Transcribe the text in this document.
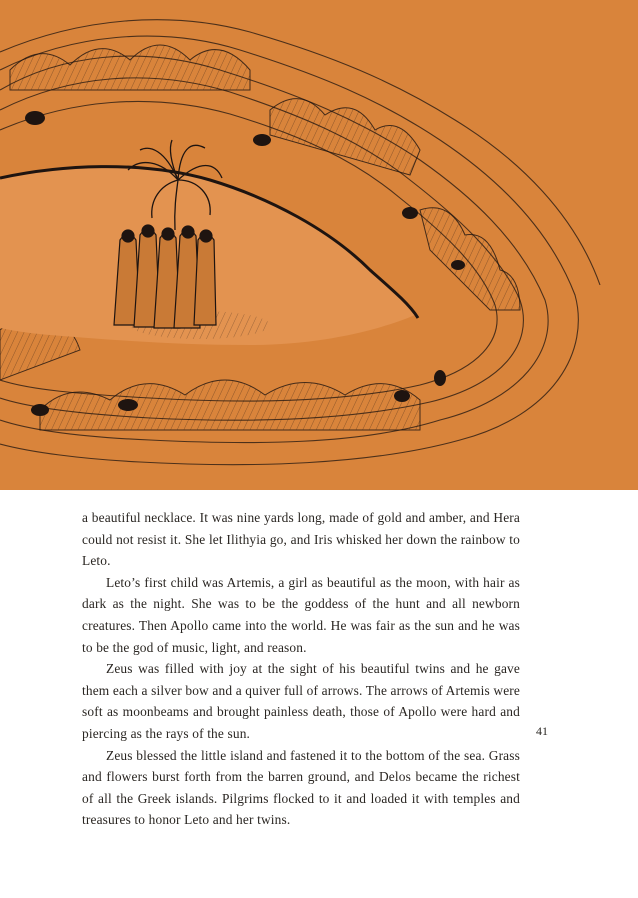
a beautiful necklace. It was nine yards long, made of gold and amber, and Hera could not resist it. She let Ilithyia go, and Iris whisked her down the rainbow to Leto.

Leto’s first child was Artemis, a girl as beautiful as the moon, with hair as dark as the night. She was to be the goddess of the hunt and all newborn creatures. Then Apollo came into the world. He was fair as the sun and he was to be the god of music, light, and reason.

Zeus was filled with joy at the sight of his beautiful twins and he gave them each a silver bow and a quiver full of arrows. The arrows of Artemis were soft as moonbeams and brought painless death, those of Apollo were hard and piercing as the rays of the sun.

Zeus blessed the little island and fastened it to the bottom of the sea. Grass and flowers burst forth from the barren ground, and Delos became the richest of all the Greek islands. Pilgrims flocked to it and loaded it with temples and treasures to honor Leto and her twins.

41
